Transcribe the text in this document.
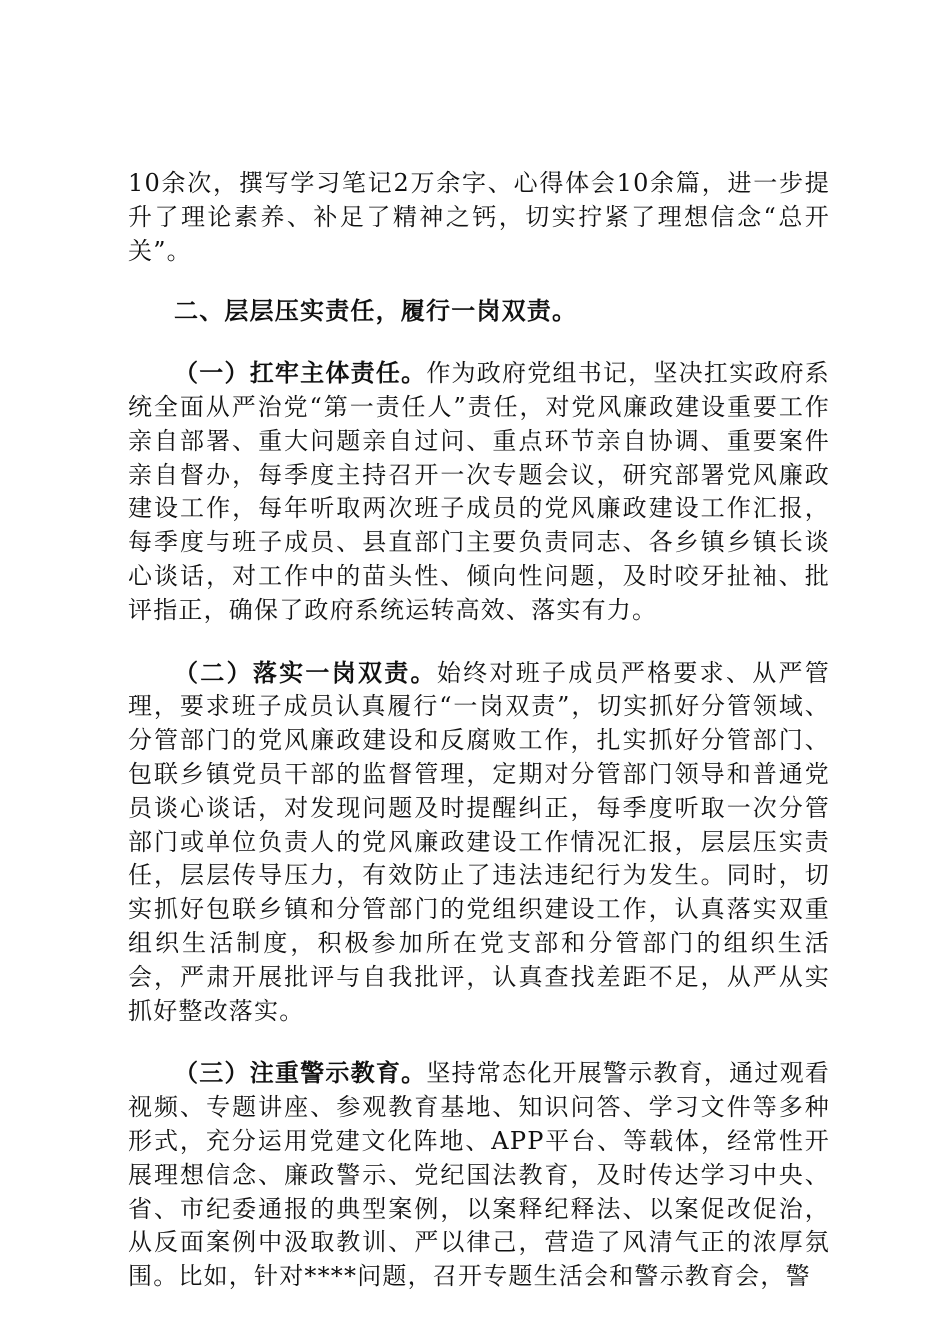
10余次，撰写学习笔记2万余字、心得体会10余篇，进一步提升了理论素养、补足了精神之钙，切实拧紧了理想信念“总开关”。

二、层层压实责任，履行一岗双责。

（一）扛牢主体责任。作为政府党组书记，坚决扛实政府系统全面从严治党“第一责任人”责任，对党风廉政建设重要工作亲自部署、重大问题亲自过问、重点环节亲自协调、重要案件亲自督办，每季度主持召开一次专题会议，研究部署党风廉政建设工作，每年听取两次班子成员的党风廉政建设工作汇报，每季度与班子成员、县直部门主要负责同志、各乡镇乡镇长谈心谈话，对工作中的苗头性、倾向性问题，及时咬牙扯袖、批评指正，确保了政府系统运转高效、落实有力。

（二）落实一岗双责。始终对班子成员严格要求、从严管理，要求班子成员认真履行“一岗双责”，切实抓好分管领域、分管部门的党风廉政建设和反腐败工作，扎实抓好分管部门、包联乡镇党员干部的监督管理，定期对分管部门领导和普通党员谈心谈话，对发现问题及时提醒纠正，每季度听取一次分管部门或单位负责人的党风廉政建设工作情况汇报，层层压实责任，层层传导压力，有效防止了违法违纪行为发生。同时，切实抓好包联乡镇和分管部门的党组织建设工作，认真落实双重组织生活制度，积极参加所在党支部和分管部门的组织生活会，严肃开展批评与自我批评，认真查找差距不足，从严从实抓好整改落实。

（三）注重警示教育。坚持常态化开展警示教育，通过观看视频、专题讲座、参观教育基地、知识问答、学习文件等多种形式，充分运用党建文化阵地、APP平台、等载体，经常性开展理想信念、廉政警示、党纪国法教育，及时传达学习中央、省、市纪委通报的典型案例，以案释纪释法、以案促改促治，从反面案例中汲取教训、严以律己，营造了风清气正的浓厚氛围。比如，针对****问题，召开专题生活会和警示教育会，警
